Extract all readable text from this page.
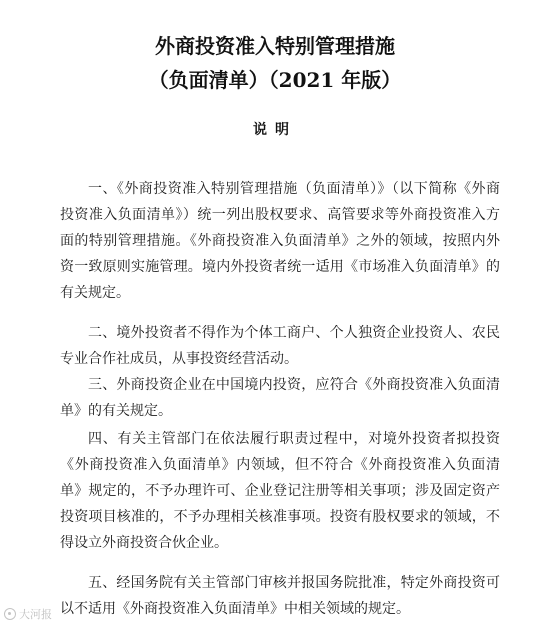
外商投资准入特别管理措施
（负面清单）（2021 年版）
说明

一、《外商投资准入特别管理措施（负面清单）》（以下简称《外商投资准入负面清单》）统一列出股权要求、高管要求等外商投资准入方面的特别管理措施。《外商投资准入负面清单》之外的领域，按照内外资一致原则实施管理。境内外投资者统一适用《市场准入负面清单》的有关规定。

二、境外投资者不得作为个体工商户、个人独资企业投资人、农民专业合作社成员，从事投资经营活动。

三、外商投资企业在中国境内投资，应符合《外商投资准入负面清单》的有关规定。

四、有关主管部门在依法履行职责过程中，对境外投资者拟投资《外商投资准入负面清单》内领域，但不符合《外商投资准入负面清单》规定的，不予办理许可、企业登记注册等相关事项；涉及固定资产投资项目核准的，不予办理相关核准事项。投资有股权要求的领域，不得设立外商投资合伙企业。

五、经国务院有关主管部门审核并报国务院批准，特定外商投资可以不适用《外商投资准入负面清单》中相关领域的规定。

大河报
